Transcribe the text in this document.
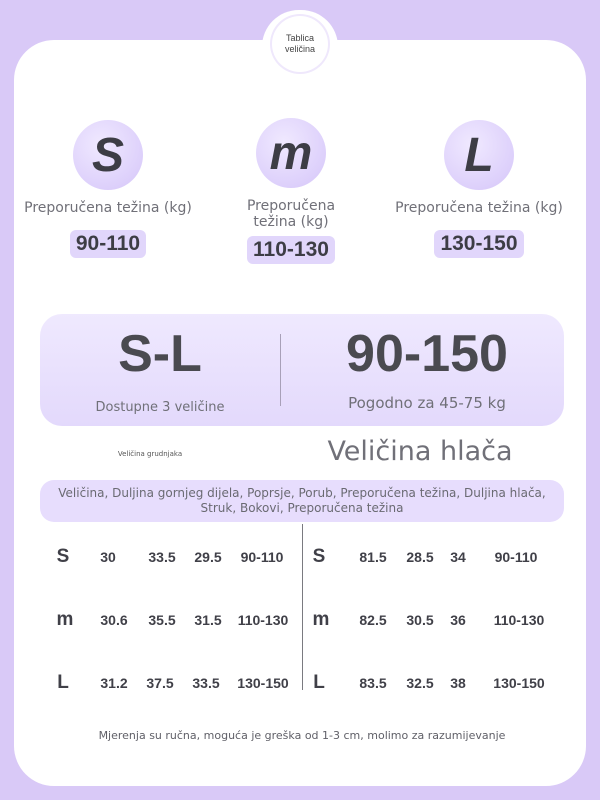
Tablica veličina
S
Preporučena težina (kg)
90-110
m
Preporučena težina (kg)
110-130
L
Preporučena težina (kg)
130-150
S-L
Dostupne 3 veličine
90-150
Pogodno za 45-75 kg
Veličina grudnjaka	Veličina hlača
Veličina, Duljina gornjeg dijela, Poprsje, Porub, Preporučena težina, Duljina hlača, Struk, Bokovi, Preporučena težina
S	30	33.5	29.5	90-110	S	81.5	28.5	34	90-110
m	30.6	35.5	31.5	110-130	m	82.5	30.5	36	110-130
L	31.2	37.5	33.5	130-150	L	83.5	32.5	38	130-150
Mjerenja su ručna, moguća je greška od 1-3 cm, molimo za razumijevanje
